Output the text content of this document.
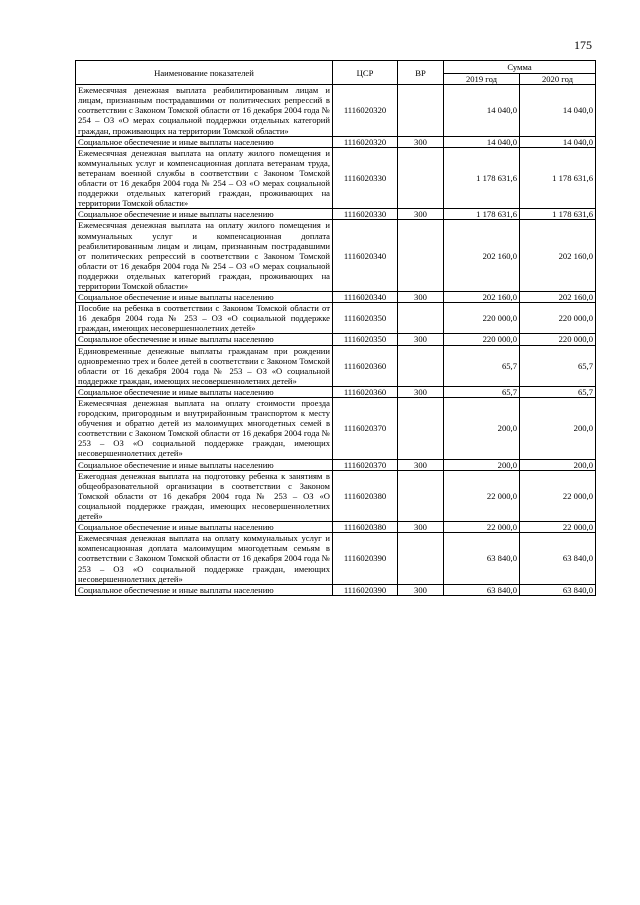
175
Наименование показателей	ЦСР	ВР	Сумма	
			2019 год	2020 год
Ежемесячная денежная выплата реабилитированным лицам и лицам, признанным пострадавшими от политических репрессий в соответствии с Законом Томской области от 16 декабря 2004 года № 254 – ОЗ «О мерах социальной поддержки отдельных категорий граждан, проживающих на территории Томской области»	1116020320		14 040,0	14 040,0
Социальное обеспечение и иные выплаты населению	1116020320	300	14 040,0	14 040,0
Ежемесячная денежная выплата на оплату жилого помещения и коммунальных услуг и компенсационная доплата ветеранам труда, ветеранам военной службы в соответствии с Законом Томской области от 16 декабря 2004 года № 254 – ОЗ «О мерах социальной поддержки отдельных категорий граждан, проживающих на территории Томской области»	1116020330		1 178 631,6	1 178 631,6
Социальное обеспечение и иные выплаты населению	1116020330	300	1 178 631,6	1 178 631,6
Ежемесячная денежная выплата на оплату жилого помещения и коммунальных услуг и компенсационная доплата реабилитированным лицам и лицам, признанным пострадавшими от политических репрессий в соответствии с Законом Томской области от 16 декабря 2004 года № 254 – ОЗ «О мерах социальной поддержки отдельных категорий граждан, проживающих на территории Томской области»	1116020340		202 160,0	202 160,0
Социальное обеспечение и иные выплаты населению	1116020340	300	202 160,0	202 160,0
Пособие на ребенка в соответствии с Законом Томской области от 16 декабря 2004 года № 253 – ОЗ «О социальной поддержке граждан, имеющих несовершеннолетних детей»	1116020350		220 000,0	220 000,0
Социальное обеспечение и иные выплаты населению	1116020350	300	220 000,0	220 000,0
Единовременные денежные выплаты гражданам при рождении одновременно трех и более детей в соответствии с Законом Томской области от 16 декабря 2004 года № 253 – ОЗ «О социальной поддержке граждан, имеющих несовершеннолетних детей»	1116020360		65,7	65,7
Социальное обеспечение и иные выплаты населению	1116020360	300	65,7	65,7
Ежемесячная денежная выплата на оплату стоимости проезда городским, пригородным и внутрирайонным транспортом к месту обучения и обратно детей из малоимущих многодетных семей в соответствии с Законом Томской области от 16 декабря 2004 года № 253 – ОЗ «О социальной поддержке граждан, имеющих несовершеннолетних детей»	1116020370		200,0	200,0
Социальное обеспечение и иные выплаты населению	1116020370	300	200,0	200,0
Ежегодная денежная выплата на подготовку ребенка к занятиям в общеобразовательной организации в соответствии с Законом Томской области от 16 декабря 2004 года № 253 – ОЗ «О социальной поддержке граждан, имеющих несовершеннолетних детей»	1116020380		22 000,0	22 000,0
Социальное обеспечение и иные выплаты населению	1116020380	300	22 000,0	22 000,0
Ежемесячная денежная выплата на оплату коммунальных услуг и компенсационная доплата малоимущим многодетным семьям в соответствии с Законом Томской области от 16 декабря 2004 года № 253 – ОЗ «О социальной поддержке граждан, имеющих несовершеннолетних детей»	1116020390		63 840,0	63 840,0
Социальное обеспечение и иные выплаты населению	1116020390	300	63 840,0	63 840,0
